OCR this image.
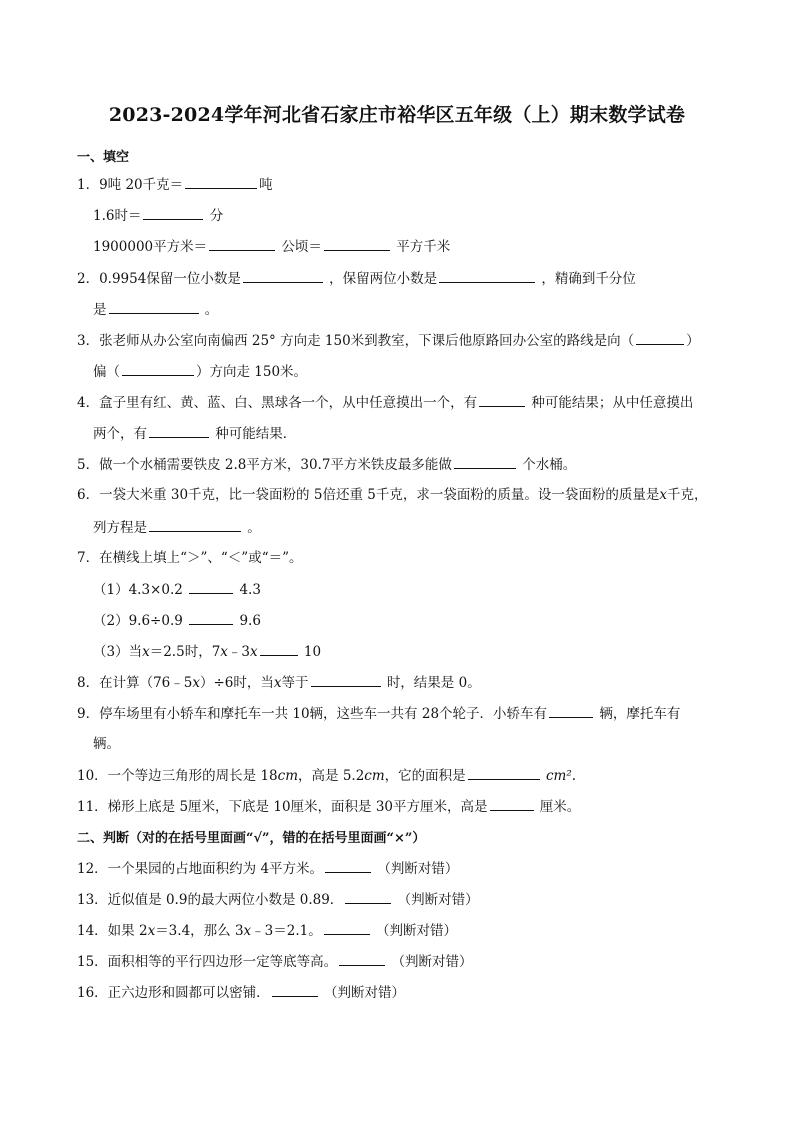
2023-2024学年河北省石家庄市裕华区五年级（上）期末数学试卷
一、填空
1．9吨 20千克＝	吨
1.6时＝	分
1900000平方米＝	公顷＝	平方千米
2．0.9954保留一位小数是	，保留两位小数是	，精确到千分位
是	。
3．张老师从办公室向南偏西 25° 方向走 150米到教室，下课后他原路回办公室的路线是向（	）
偏（	）方向走 150米。
4．盒子里有红、黄、蓝、白、黑球各一个，从中任意摸出一个，有	种可能结果；从中任意摸出
两个，有	种可能结果．
5．做一个水桶需要铁皮 2.8平方米，30.7平方米铁皮最多能做	个水桶。
6．一袋大米重 30千克，比一袋面粉的 5倍还重 5千克，求一袋面粉的质量。设一袋面粉的质量是x千克，
列方程是	。
7．在横线上填上“＞”、“＜”或“＝”。
（1）4.3×0.2	4.3
（2）9.6÷0.9	9.6
（3）当x＝2.5时，7x﹣3x	10
8．在计算（76﹣5x）÷6时，当x等于	时，结果是 0。
9．停车场里有小轿车和摩托车一共 10辆，这些车一共有 28个轮子．小轿车有	辆，摩托车有
辆。
10．一个等边三角形的周长是 18cm，高是 5.2cm，它的面积是	cm².
11．梯形上底是 5厘米，下底是 10厘米，面积是 30平方厘米，高是	厘米。
二、判断（对的在括号里面画“√”，错的在括号里面画“×”）
12．一个果园的占地面积约为 4平方米。	（判断对错）
13．近似值是 0.9的最大两位小数是 0.89．	（判断对错）
14．如果 2x＝3.4，那么 3x﹣3＝2.1。	（判断对错）
15．面积相等的平行四边形一定等底等高。	（判断对错）
16．正六边形和圆都可以密铺．	（判断对错）
